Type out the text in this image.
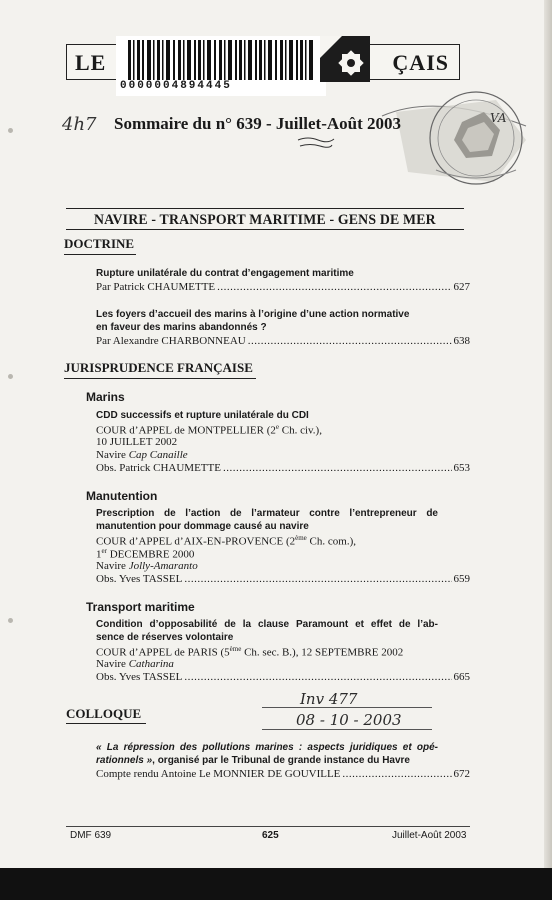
LE	ÇAIS
0000004894445
VA
4h7 Sommaire du n° 639 - Juillet-Août 2003
NAVIRE - TRANSPORT MARITIME - GENS DE MER
DOCTRINE
Rupture unilatérale du contrat d’engagement maritime
Par Patrick CHAUMETTE .....	627
Les foyers d’accueil des marins à l’origine d’une action normative
en faveur des marins abandonnés ?
Par Alexandre CHARBONNEAU .....	638
JURISPRUDENCE FRANÇAISE
Marins
CDD successifs et rupture unilatérale du CDI
COUR d’APPEL de MONTPELLIER (2e Ch. civ.),
10 JUILLET 2002
Navire Cap Canaille
Obs. Patrick CHAUMETTE .....	653
Manutention
Prescription de l’action de l’armateur contre l’entrepreneur de
manutention pour dommage causé au navire
COUR d’APPEL d’AIX-EN-PROVENCE (2ème Ch. com.),
1er DECEMBRE 2000
Navire Jolly-Amaranto
Obs. Yves TASSEL .....	659
Transport maritime
Condition d’opposabilité de la clause Paramount et effet de l’ab-
sence de réserves volontaire
COUR d’APPEL de PARIS (5ème Ch. sec. B.), 12 SEPTEMBRE 2002
Navire Catharina
Obs. Yves TASSEL .....	665
COLLOQUE
« La répression des pollutions marines : aspects juridiques et opé-
rationnels », organisé par le Tribunal de grande instance du Havre
Compte rendu Antoine Le MONNIER DE GOUVILLE .....	672
Inv 477
08 - 10 - 2003
DMF 639	625	Juillet-Août 2003
